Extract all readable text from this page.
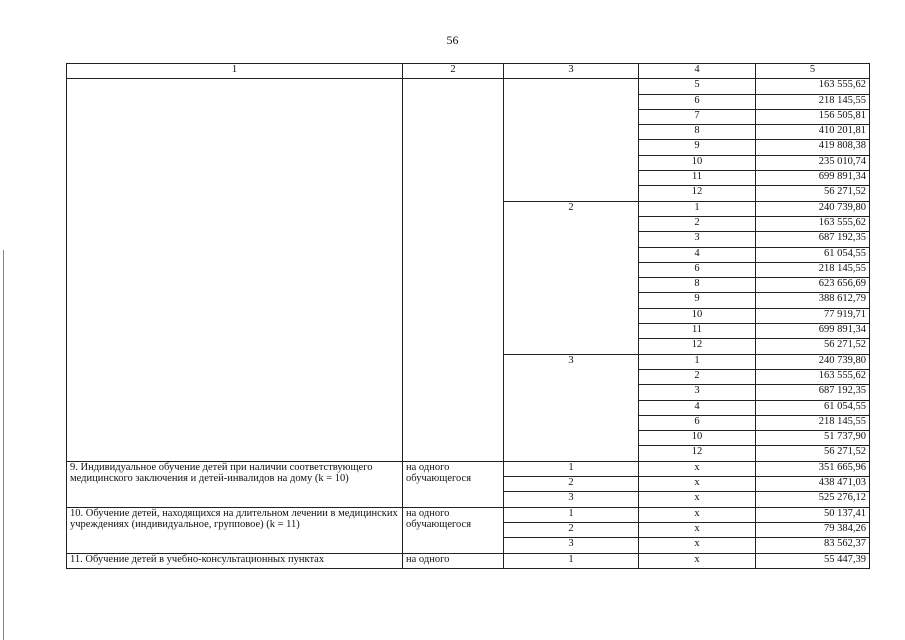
56
1	2	3	4	5
			5	163 555,62
			6	218 145,55
			7	156 505,81
			8	410 201,81
			9	419 808,38
			10	235 010,74
			11	699 891,34
			12	56 271,52
		2	1	240 739,80
			2	163 555,62
			3	687 192,35
			4	61 054,55
			6	218 145,55
			8	623 656,69
			9	388 612,79
			10	77 919,71
			11	699 891,34
			12	56 271,52
		3	1	240 739,80
			2	163 555,62
			3	687 192,35
			4	61 054,55
			6	218 145,55
			10	51 737,90
			12	56 271,52
9. Индивидуальное обучение детей при наличии соответствующего медицинского заключения и детей-инвалидов на дому (k = 10)	на одного обучающегося	1	x	351 665,96
		2	x	438 471,03
		3	x	525 276,12
10. Обучение детей, находящихся на длительном лечении в медицинских учреждениях (индивидуальное, групповое) (k = 11)	на одного обучающегося	1	x	50 137,41
		2	x	79 384,26
		3	x	83 562,37
11. Обучение детей в учебно-консультационных пунктах	на одного	1	x	55 447,39
